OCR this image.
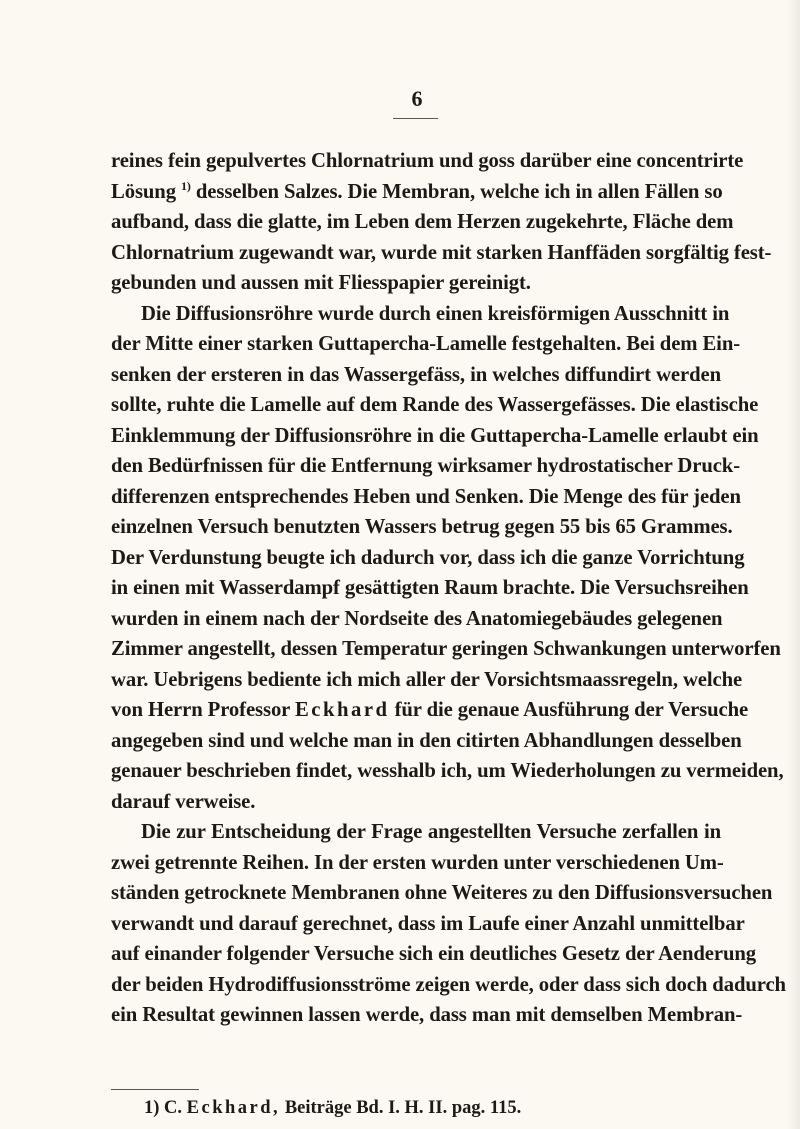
6
reines fein gepulvertes Chlornatrium und goss darüber eine concentrirte
Lösung $^{1)}$ desselben Salzes. Die Membran, welche ich in allen Fällen so
aufband, dass die glatte, im Leben dem Herzen zugekehrte, Fläche dem
Chlornatrium zugewandt war, wurde mit starken Hanffäden sorgfältig fest-
gebunden und aussen mit Fliesspapier gereinigt.
Die Diffusionsröhre wurde durch einen kreisförmigen Ausschnitt in
der Mitte einer starken Guttapercha-Lamelle festgehalten. Bei dem Ein-
senken der ersteren in das Wassergefäss, in welches diffundirt werden
sollte, ruhte die Lamelle auf dem Rande des Wassergefässes. Die elastische
Einklemmung der Diffusionsröhre in die Guttapercha-Lamelle erlaubt ein
den Bedürfnissen für die Entfernung wirksamer hydrostatischer Druck-
differenzen entsprechendes Heben und Senken. Die Menge des für jeden
einzelnen Versuch benutzten Wassers betrug gegen 55 bis 65 Grammes.
Der Verdunstung beugte ich dadurch vor, dass ich die ganze Vorrichtung
in einen mit Wasserdampf gesättigten Raum brachte. Die Versuchsreihen
wurden in einem nach der Nordseite des Anatomiegebäudes gelegenen
Zimmer angestellt, dessen Temperatur geringen Schwankungen unterworfen
war. Uebrigens bediente ich mich aller der Vorsichtsmaassregeln, welche
von Herrn Professor Eckhard für die genaue Ausführung der Versuche
angegeben sind und welche man in den citirten Abhandlungen desselben
genauer beschrieben findet, wesshalb ich, um Wiederholungen zu vermeiden,
darauf verweise.
Die zur Entscheidung der Frage angestellten Versuche zerfallen in
zwei getrennte Reihen. In der ersten wurden unter verschiedenen Um-
ständen getrocknete Membranen ohne Weiteres zu den Diffusionsversuchen
verwandt und darauf gerechnet, dass im Laufe einer Anzahl unmittelbar
auf einander folgender Versuche sich ein deutliches Gesetz der Aenderung
der beiden Hydrodiffusionsströme zeigen werde, oder dass sich doch dadurch
ein Resultat gewinnen lassen werde, dass man mit demselben Membran-
1) C. Eckhard, Beiträge Bd. I. H. II. pag. 115.
